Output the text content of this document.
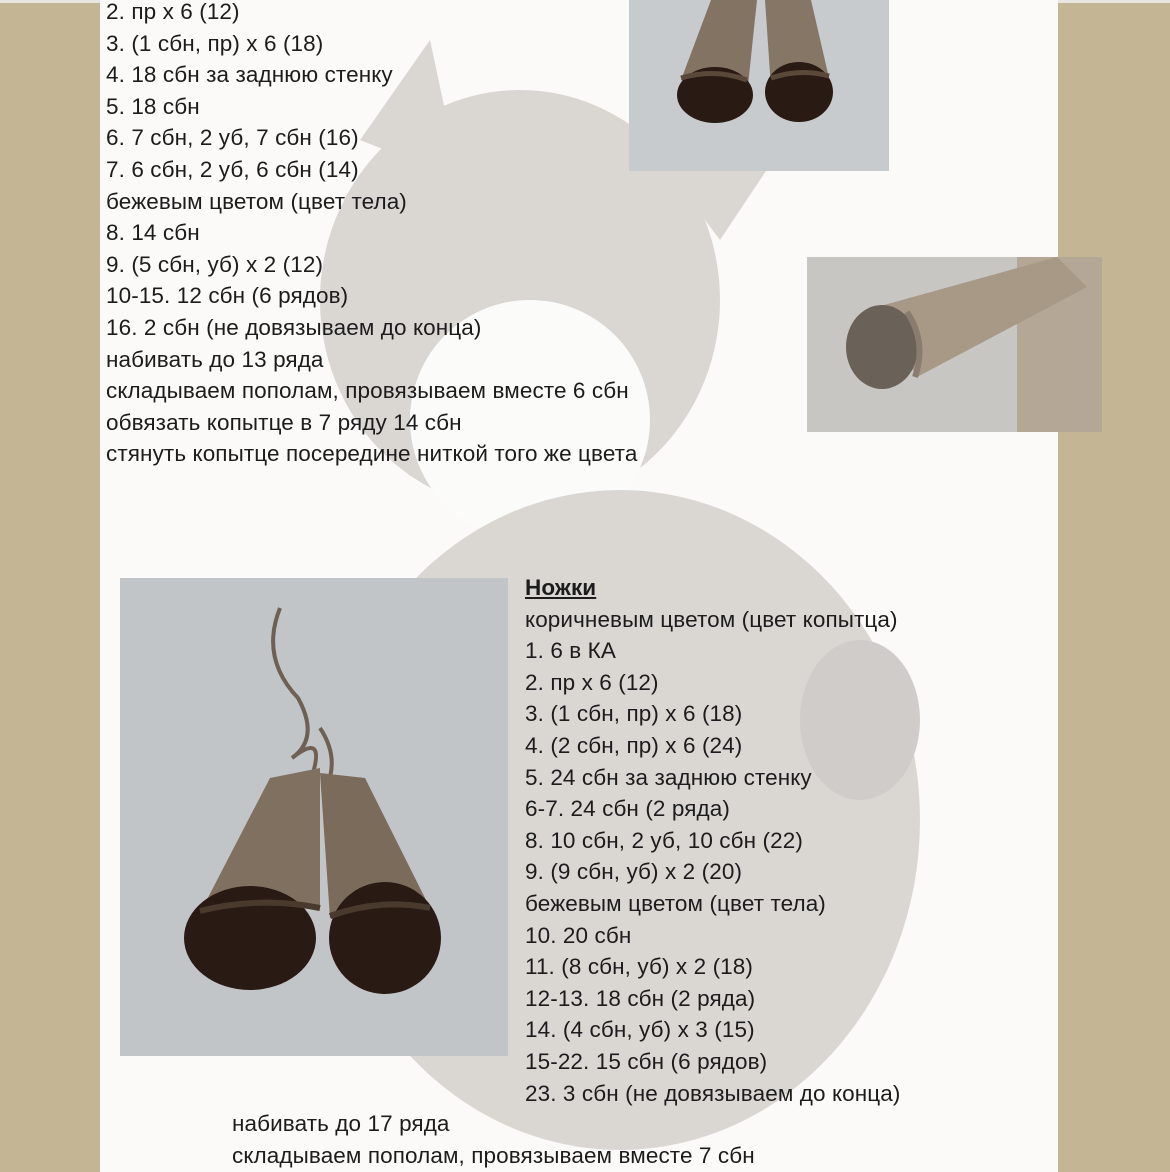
2. пр х 6 (12)
3. (1 сбн, пр) х 6 (18)
4. 18 сбн за заднюю стенку
5. 18 сбн
6. 7 сбн, 2 уб, 7 сбн (16)
7. 6 сбн, 2 уб, 6 сбн (14)
бежевым цветом (цвет тела)
8. 14 сбн
9. (5 сбн, уб) х 2 (12)
10-15. 12 сбн (6 рядов)
16. 2 сбн (не довязываем до конца)
набивать до 13 ряда
складываем пополам, провязываем вместе 6 сбн
обвязать копытце в 7 ряду 14 сбн
стянуть копытце посередине ниткой того же цвета
Ножки
коричневым цветом (цвет копытца)
1. 6 в КА
2. пр х 6 (12)
3. (1 сбн, пр) х 6 (18)
4. (2 сбн, пр) х 6 (24)
5. 24 сбн за заднюю стенку
6-7. 24 сбн (2 ряда)
8. 10 сбн, 2 уб, 10 сбн (22)
9. (9 сбн, уб) х 2 (20)
бежевым цветом (цвет тела)
10. 20 сбн
11. (8 сбн, уб) х 2 (18)
12-13. 18 сбн (2 ряда)
14. (4 сбн, уб) х 3 (15)
15-22. 15 сбн (6 рядов)
23. 3 сбн (не довязываем до конца)
набивать до 17 ряда
складываем пополам, провязываем вместе 7 сбн
